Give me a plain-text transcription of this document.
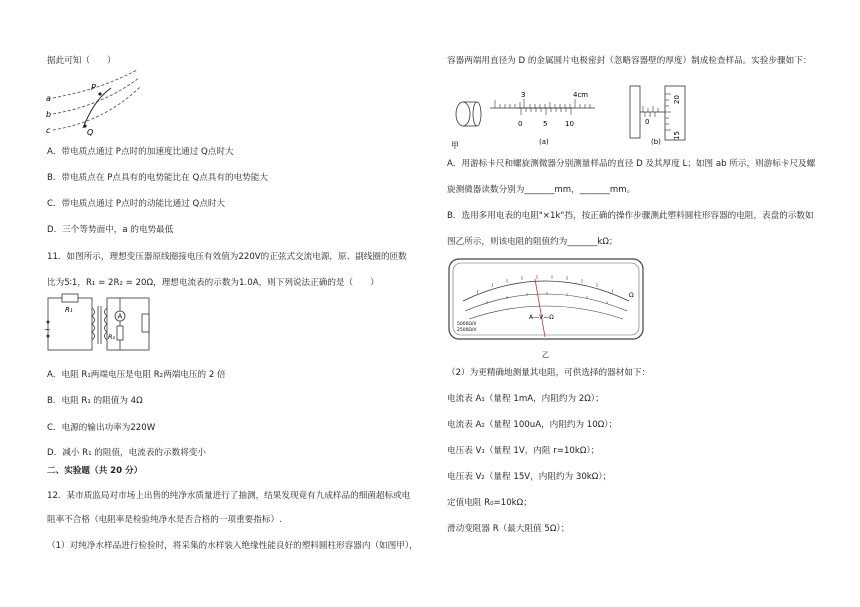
据此可知（　　）
a
b
c
P
Q
A．带电质点通过 P点时的加速度比通过 Q点时大
B．带电质点在 P点具有的电势能比在 Q点具有的电势能大
C．带电质点通过 P点时的动能比通过 Q点时大
D．三个等势面中，a 的电势最低
11．如图所示，理想变压器原线圈接电压有效值为220V的正弦式交流电源，原、副线圈的匝数
比为5∶1，R₁ = 2R₂ = 20Ω，理想电流表的示数为1.0A，则下列说法正确的是（　　）
R₁
~
A
R₂
A．电阻 R₁两端电压是电阻 R₂两端电压的 2 倍
B．电阻 R₁ 的阻值为 4Ω
C．电源的输出功率为220W
D．减小 R₁ 的阻值，电流表的示数将变小
二、实验题（共 20 分）
12．某市质监局对市场上出售的纯净水质量进行了抽测，结果发现竟有九成样品的细菌超标或电
阻率不合格（电阻率是检验纯净水是否合格的一项重要指标）.
（1）对纯净水样品进行检验时，将采集的水样装入绝缘性能良好的塑料圆柱形容器内（如图甲），
容器两端用直径为 D 的金属圆片电极密封（忽略容器壁的厚度）制成检查样品。实验步骤如下：
甲
3	4cm
0	5	10
(a)
0
20
15
(b)
A．用游标卡尺和螺旋测微器分别测量样品的直径 D 及其厚度 L；如图 ab 所示，则游标卡尺及螺
旋测微器读数分别为_______mm，_______mm。
B．选用多用电表的电阻"×1k"挡，按正确的操作步骤测此塑料圆柱形容器的电阻，表盘的示数如
图乙所示，则该电阻的阻值约为_______kΩ；
Ω
A—V—Ω
5000Ω/V
2500Ω/V
乙
（2）为更精确地测量其电阻，可供选择的器材如下：
电流表 A₁（量程 1mA，内阻约为 2Ω）；
电流表 A₂（量程 100uA，内阻约为 10Ω）；
电压表 V₁（量程 1V，内阻 r=10kΩ）；
电压表 V₂（量程 15V，内阻约为 30kΩ）；
定值电阻 R₀=10kΩ；
滑动变阻器 R（最大阻值 5Ω）；
